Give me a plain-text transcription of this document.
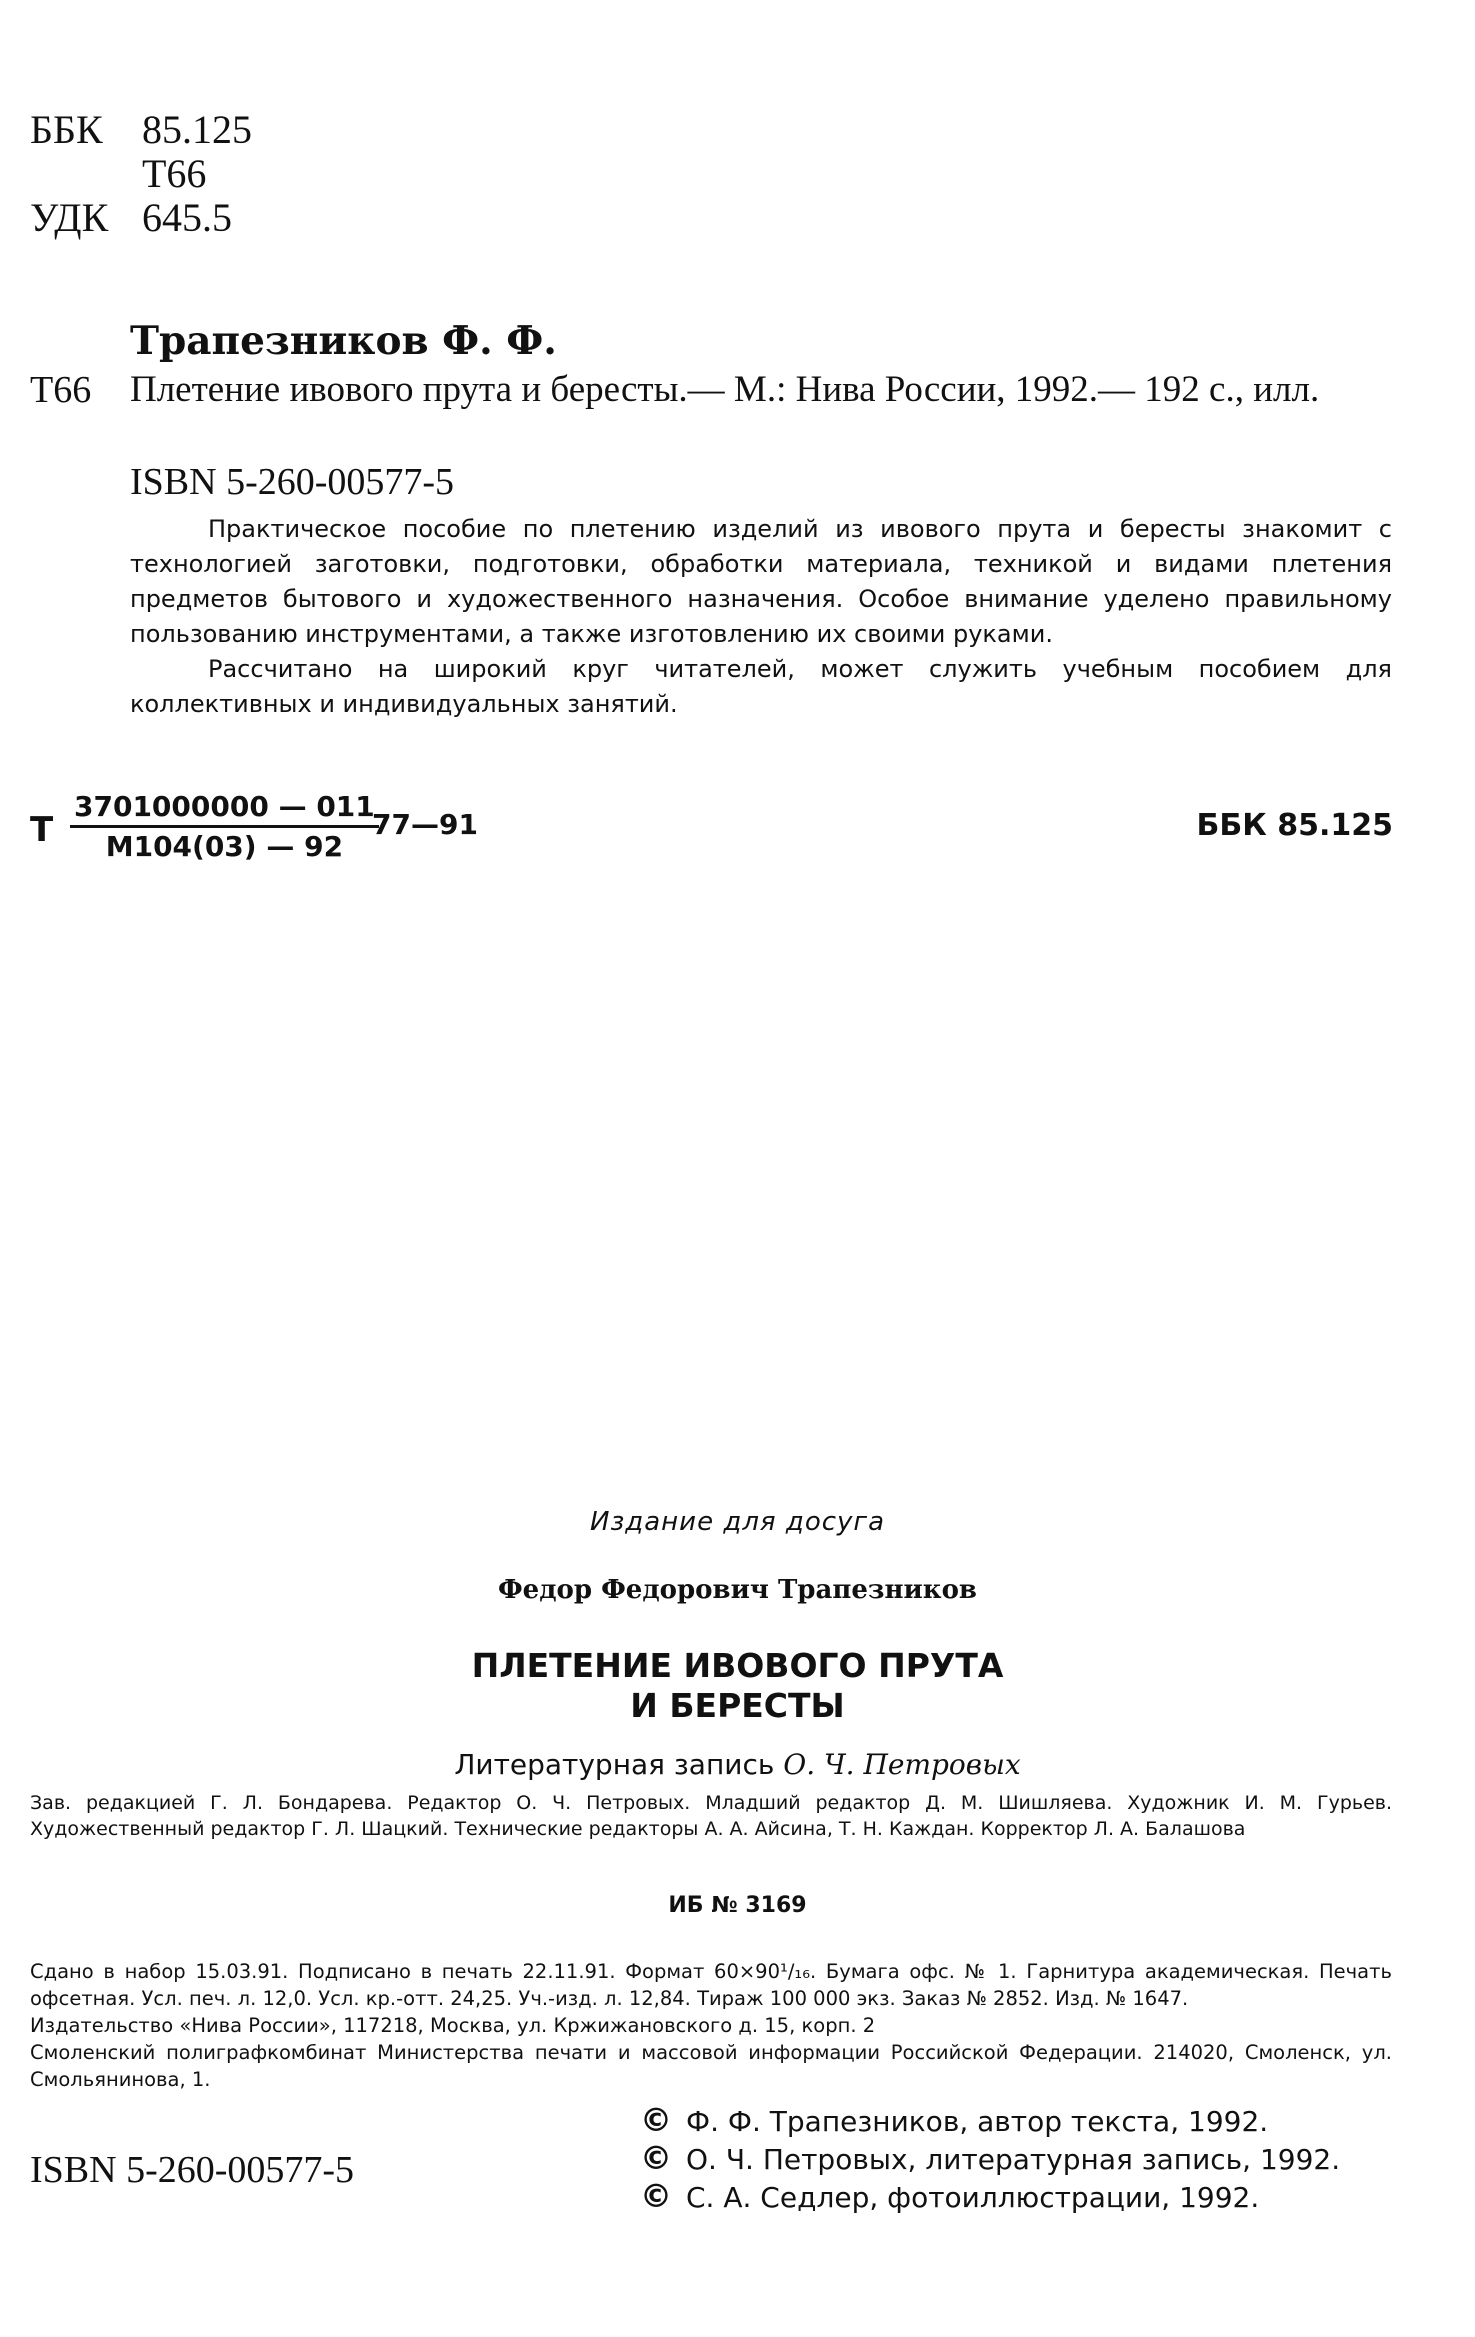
ББК 85.125
Т66
УДК 645.5
Трапезников Ф. Ф.
Т66 Плетение ивового прута и бересты.— М.: Нива России, 1992.— 192 с., илл.
ISBN 5-260-00577-5

Практическое пособие по плетению изделий из ивового прута и бересты знакомит с технологией заготовки, подготовки, обработки материала, техникой и видами плетения предметов бытового и художественного назначения. Особое внимание уделено правильному пользованию инструментами, а также изготовлению их своими руками.

Рассчитано на широкий круг читателей, может служить учебным пособием для коллективных и индивидуальных занятий.

Т
3701000000 — 011
М104(03) — 92
77—91	ББК 85.125
Издание для досуга
Федор Федорович Трапезников
ПЛЕТЕНИЕ ИВОВОГО ПРУТА
И БЕРЕСТЫ
Литературная запись О. Ч. Петровых
Зав. редакцией Г. Л. Бондарева. Редактор О. Ч. Петровых. Младший редактор Д. М. Шишляева. Художник И. М. Гурьев. Художественный редактор Г. Л. Шацкий. Технические редакторы А. А. Айсина, Т. Н. Каждан. Корректор Л. А. Балашова
ИБ № 3169

Сдано в набор 15.03.91. Подписано в печать 22.11.91. Формат 60×90¹/₁₆. Бумага офс. № 1. Гарнитура академическая. Печать офсетная. Усл. печ. л. 12,0. Усл. кр.-отт. 24,25. Уч.-изд. л. 12,84. Тираж 100 000 экз. Заказ № 2852. Изд. № 1647.

Издательство «Нива России», 117218, Москва, ул. Кржижановского д. 15, корп. 2

Смоленский полиграфкомбинат Министерства печати и массовой информации Российской Федерации. 214020, Смоленск, ул. Смольянинова, 1.

ISBN 5-260-00577-5
© Ф. Ф. Трапезников, автор текста, 1992.
© О. Ч. Петровых, литературная запись, 1992.
© С. А. Седлер, фотоиллюстрации, 1992.
